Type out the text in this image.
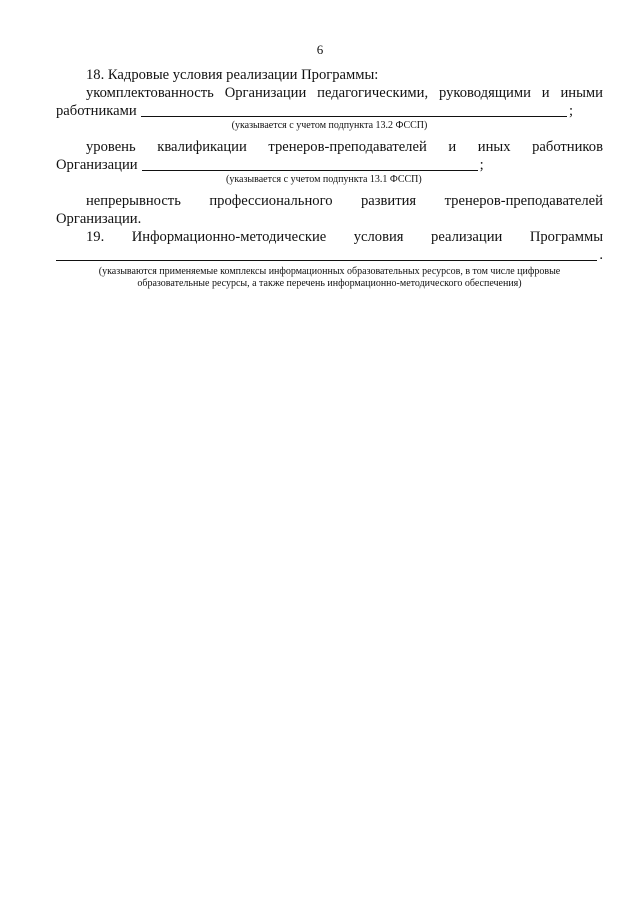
6

18. Кадровые условия реализации Программы:

укомплектованность Организации педагогическими, руководящими и иными
работниками	;
(указывается с учетом подпункта 13.2 ФССП)
уровень квалификации тренеров-преподавателей и иных работников
Организации	;
(указывается с учетом подпункта 13.1 ФССП)
непрерывность профессионального развития тренеров-преподавателей

Организации.

19. Информационно-методические условия реализации Программы
.
(указываются применяемые комплексы информационных образовательных ресурсов, в том числе цифровые
образовательные ресурсы, а также перечень информационно-методического обеспечения)
